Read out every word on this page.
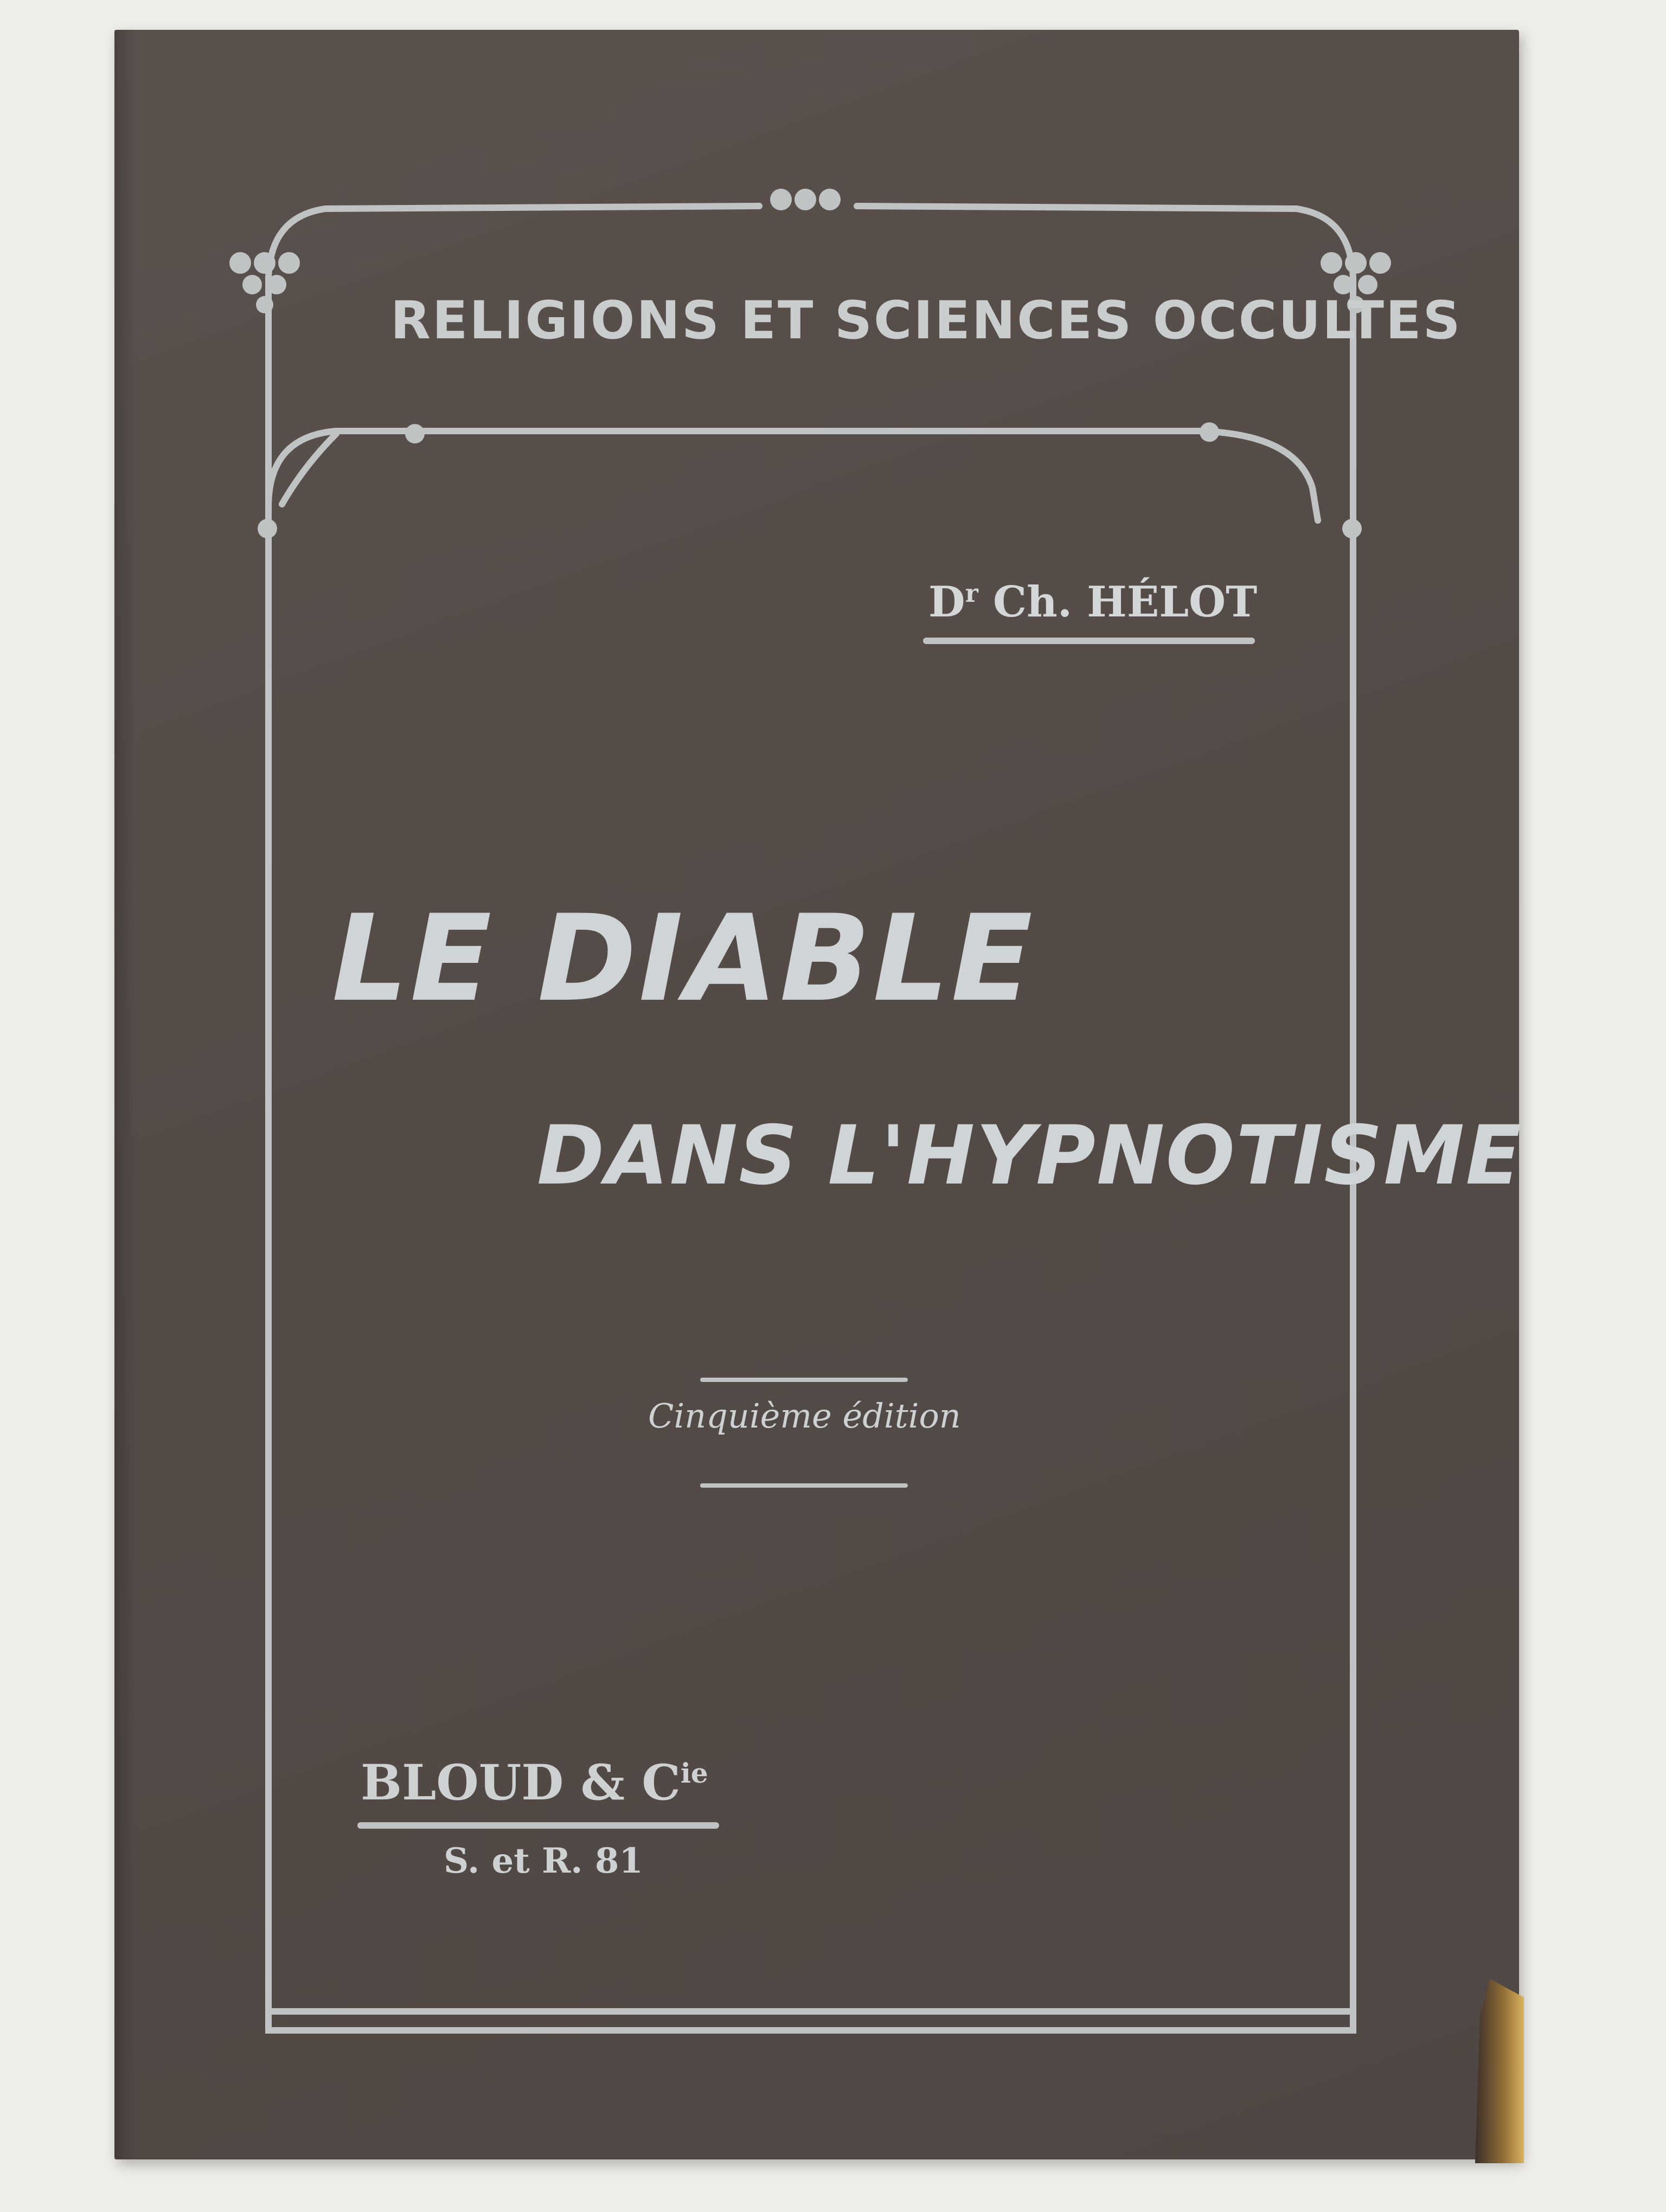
RELIGIONS ET SCIENCES OCCULTES
$D^r$ Ch. HÉLOT
LE DIABLE
DANS L'HYPNOTISME
Cinquième édition
BLOUD & $C^{ie}$
S. et R. 81
